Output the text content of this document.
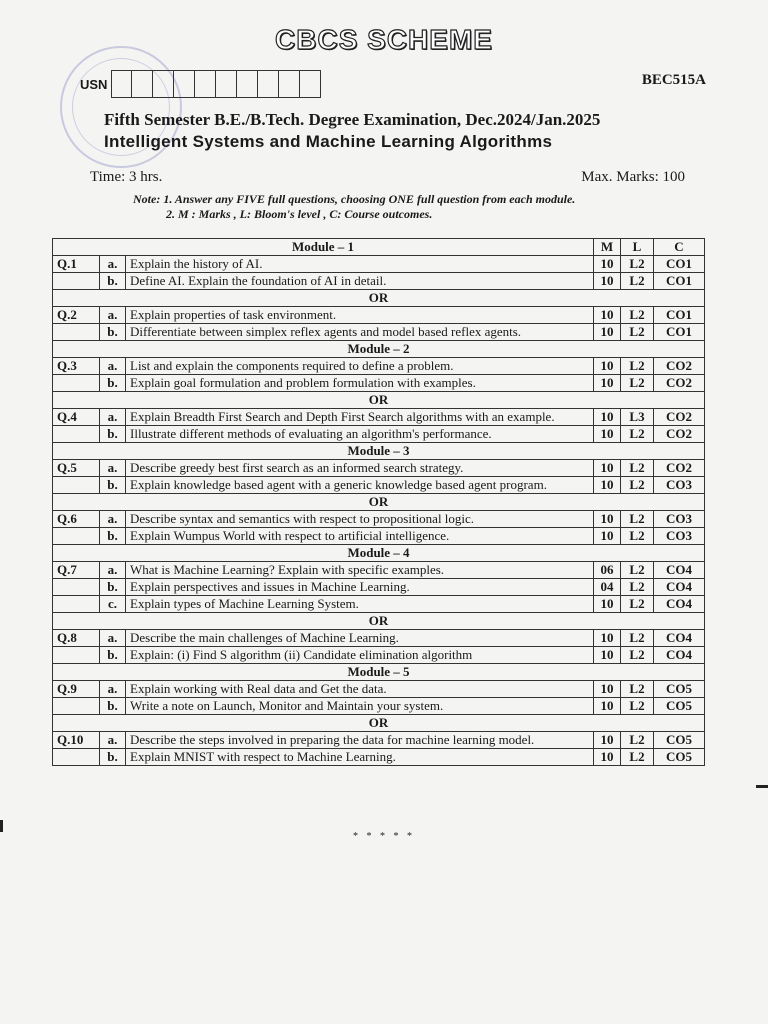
CBCS SCHEME
USN	BEC515A
Fifth Semester B.E./B.Tech. Degree Examination, Dec.2024/Jan.2025
Intelligent Systems and Machine Learning Algorithms
Time: 3 hrs.	Max. Marks: 100
Note: 1. Answer any FIVE full questions, choosing ONE full question from each module.
2. M : Marks , L: Bloom's level , C: Course outcomes.
Module – 1			M	L	C
Q.1	a.	Explain the history of AI.	10	L2	CO1
	b.	Define AI. Explain the foundation of AI in detail.	10	L2	CO1
OR					
Q.2	a.	Explain properties of task environment.	10	L2	CO1
	b.	Differentiate between simplex reflex agents and model based reflex agents.	10	L2	CO1
Module – 2					
Q.3	a.	List and explain the components required to define a problem.	10	L2	CO2
	b.	Explain goal formulation and problem formulation with examples.	10	L2	CO2
OR					
Q.4	a.	Explain Breadth First Search and Depth First Search algorithms with an example.	10	L3	CO2
	b.	Illustrate different methods of evaluating an algorithm's performance.	10	L2	CO2
Module – 3					
Q.5	a.	Describe greedy best first search as an informed search strategy.	10	L2	CO2
	b.	Explain knowledge based agent with a generic knowledge based agent program.	10	L2	CO3
OR					
Q.6	a.	Describe syntax and semantics with respect to propositional logic.	10	L2	CO3
	b.	Explain Wumpus World with respect to artificial intelligence.	10	L2	CO3
Module – 4					
Q.7	a.	What is Machine Learning? Explain with specific examples.	06	L2	CO4
	b.	Explain perspectives and issues in Machine Learning.	04	L2	CO4
	c.	Explain types of Machine Learning System.	10	L2	CO4
OR					
Q.8	a.	Describe the main challenges of Machine Learning.	10	L2	CO4
	b.	Explain: (i) Find S algorithm (ii) Candidate elimination algorithm	10	L2	CO4
Module – 5					
Q.9	a.	Explain working with Real data and Get the data.	10	L2	CO5
	b.	Write a note on Launch, Monitor and Maintain your system.	10	L2	CO5
OR					
Q.10	a.	Describe the steps involved in preparing the data for machine learning model.	10	L2	CO5
	b.	Explain MNIST with respect to Machine Learning.	10	L2	CO5
* * * * *
